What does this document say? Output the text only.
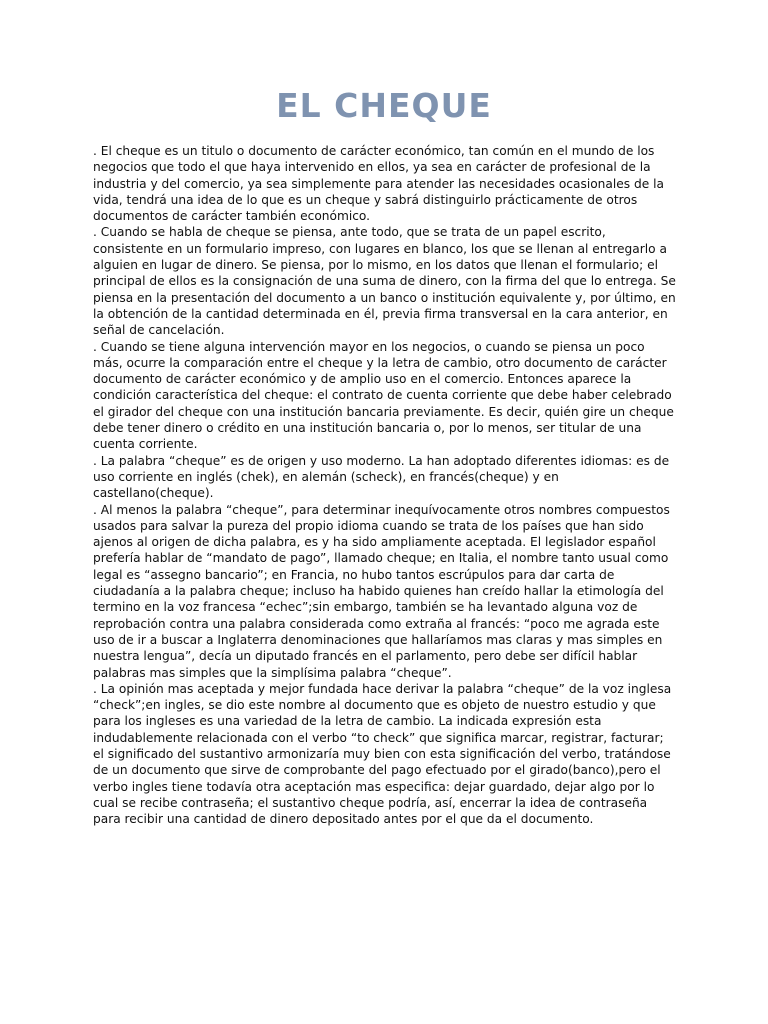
EL CHEQUE

. El cheque es un titulo o documento de carácter económico, tan común en el mundo de los negocios que todo el que haya intervenido en ellos, ya sea en carácter de profesional de la industria y del comercio, ya sea simplemente para atender las necesidades ocasionales de la vida, tendrá una idea de lo que es un cheque y sabrá distinguirlo prácticamente de otros documentos de carácter también económico.

. Cuando se habla de cheque se piensa, ante todo, que se trata de un papel escrito, consistente en un formulario impreso, con lugares en blanco, los que se llenan al entregarlo a alguien en lugar de dinero. Se piensa, por lo mismo, en los datos que llenan el formulario; el principal de ellos es la consignación de una suma de dinero, con la firma del que lo entrega. Se piensa en la presentación del documento a un banco o institución equivalente y, por último, en la obtención de la cantidad determinada en él, previa firma transversal en la cara anterior, en señal de cancelación.

. Cuando se tiene alguna intervención mayor en los negocios, o cuando se piensa un poco más, ocurre la comparación entre el cheque y la letra de cambio, otro documento de carácter documento de carácter económico y de amplio uso en el comercio. Entonces aparece la condición característica del cheque: el contrato de cuenta corriente que debe haber celebrado el girador del cheque con una institución bancaria previamente. Es decir, quién gire un cheque debe tener dinero o crédito en una institución bancaria o, por lo menos, ser titular de una cuenta corriente.

. La palabra “cheque” es de origen y uso moderno. La han adoptado diferentes idiomas: es de uso corriente en inglés (chek), en alemán (scheck), en francés(cheque) y en castellano(cheque).

. Al menos la palabra “cheque”, para determinar inequívocamente otros nombres compuestos usados para salvar la pureza del propio idioma cuando se trata de los países que han sido ajenos al origen de dicha palabra, es y ha sido ampliamente aceptada. El legislador español prefería hablar de “mandato de pago”, llamado cheque; en Italia, el nombre tanto usual como legal es “assegno bancario”; en Francia, no hubo tantos escrúpulos para dar carta de ciudadanía a la palabra cheque; incluso ha habido quienes han creído hallar la etimología del termino en la voz francesa “echec”;sin embargo, también se ha levantado alguna voz de reprobación contra una palabra considerada como extraña al francés: “poco me agrada este uso de ir a buscar a Inglaterra denominaciones que hallaríamos mas claras y mas simples en nuestra lengua”, decía un diputado francés en el parlamento, pero debe ser difícil hablar palabras mas simples que la simplísima palabra “cheque”.

. La opinión mas aceptada y mejor fundada hace derivar la palabra “cheque” de la voz inglesa “check”;en ingles, se dio este nombre al documento que es objeto de nuestro estudio y que para los ingleses es una variedad de la letra de cambio. La indicada expresión esta indudablemente relacionada con el verbo “to check” que significa marcar, registrar, facturar; el significado del sustantivo armonizaría muy bien con esta significación del verbo, tratándose de un documento que sirve de comprobante del pago efectuado por el girado(banco),pero el verbo ingles tiene todavía otra aceptación mas especifica: dejar guardado, dejar algo por lo cual se recibe contraseña; el sustantivo cheque podría, así, encerrar la idea de contraseña para recibir una cantidad de dinero depositado antes por el que da el documento.
